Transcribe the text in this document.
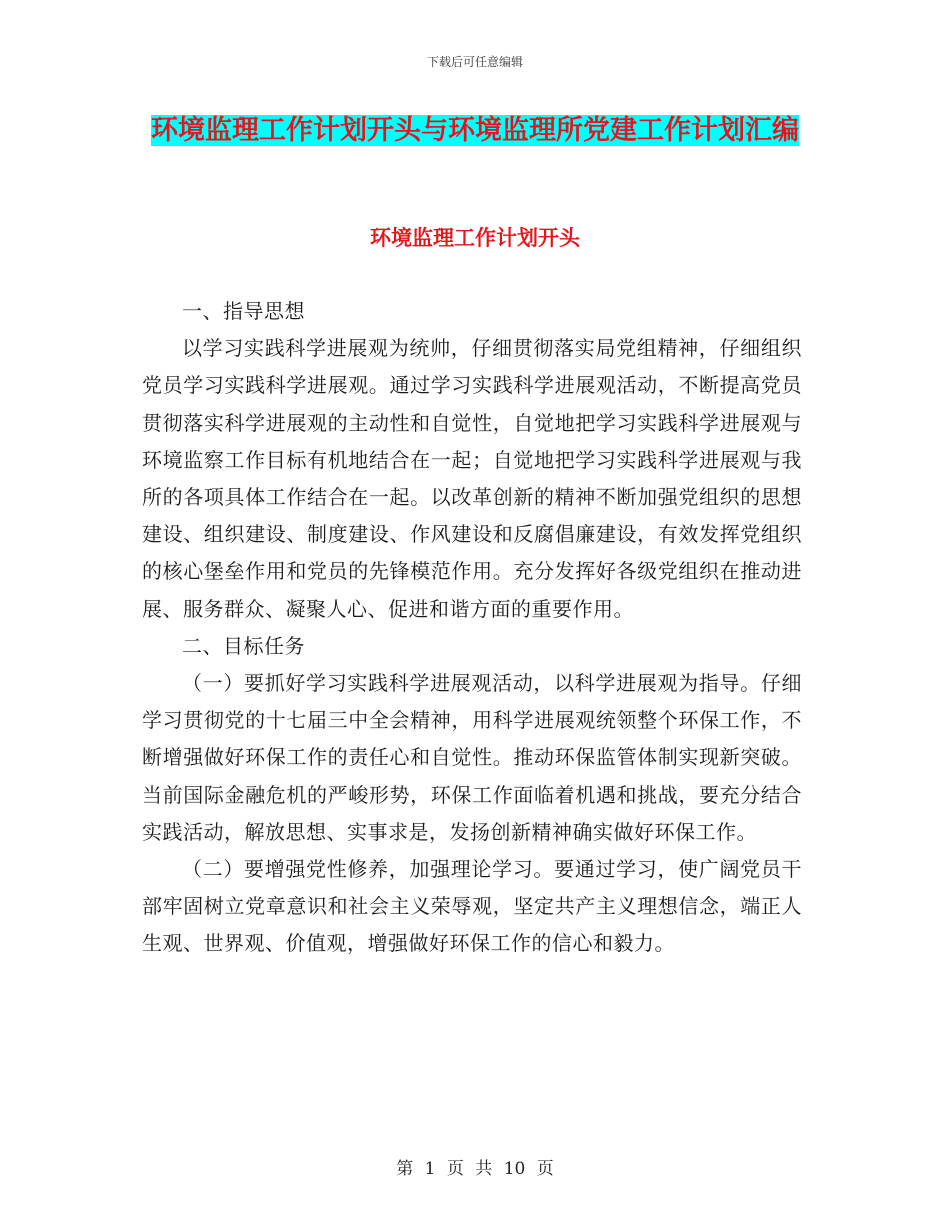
下载后可任意编辑
环境监理工作计划开头与环境监理所党建工作计划汇编
环境监理工作计划开头

一、指导思想

以学习实践科学进展观为统帅，仔细贯彻落实局党组精神，仔细组织党员学习实践科学进展观。通过学习实践科学进展观活动，不断提高党员贯彻落实科学进展观的主动性和自觉性，自觉地把学习实践科学进展观与环境监察工作目标有机地结合在一起；自觉地把学习实践科学进展观与我所的各项具体工作结合在一起。以改革创新的精神不断加强党组织的思想建设、组织建设、制度建设、作风建设和反腐倡廉建设，有效发挥党组织的核心堡垒作用和党员的先锋模范作用。充分发挥好各级党组织在推动进展、服务群众、凝聚人心、促进和谐方面的重要作用。

二、目标任务

（一）要抓好学习实践科学进展观活动，以科学进展观为指导。仔细学习贯彻党的十七届三中全会精神，用科学进展观统领整个环保工作，不断增强做好环保工作的责任心和自觉性。推动环保监管体制实现新突破。当前国际金融危机的严峻形势，环保工作面临着机遇和挑战，要充分结合实践活动，解放思想、实事求是，发扬创新精神确实做好环保工作。

（二）要增强党性修养，加强理论学习。要通过学习，使广阔党员干部牢固树立党章意识和社会主义荣辱观，坚定共产主义理想信念，端正人生观、世界观、价值观，增强做好环保工作的信心和毅力。

第 1 页 共 10 页
